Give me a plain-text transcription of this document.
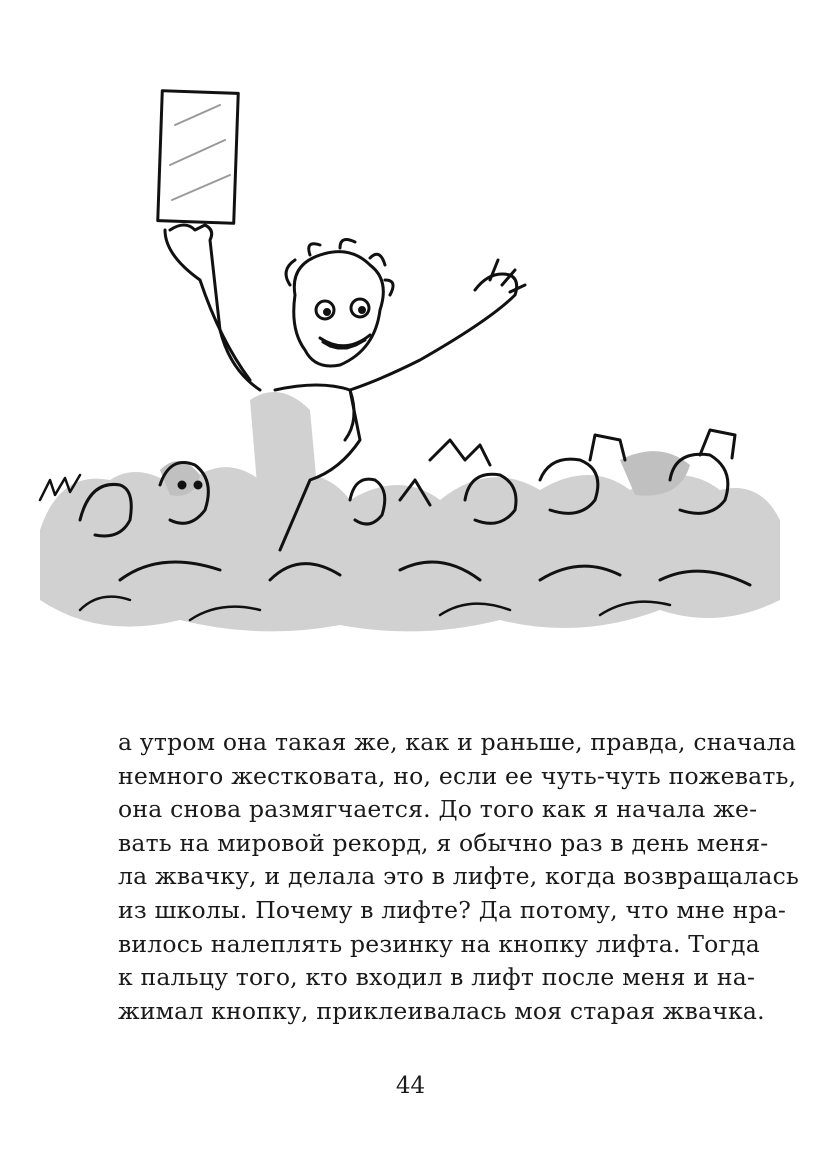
а утром она такая же, как и раньше, правда, сначала
немного жестковата, но, если ее чуть-чуть пожевать,
она снова размягчается. До того как я начала же-
вать на мировой рекорд, я обычно раз в день меня-
ла жвачку, и делала это в лифте, когда возвращалась
из школы. Почему в лифте? Да потому, что мне нра-
вилось налеплять резинку на кнопку лифта. Тогда
к пальцу того, кто входил в лифт после меня и на-
жимал кнопку, приклеивалась моя старая жвачка.

44
